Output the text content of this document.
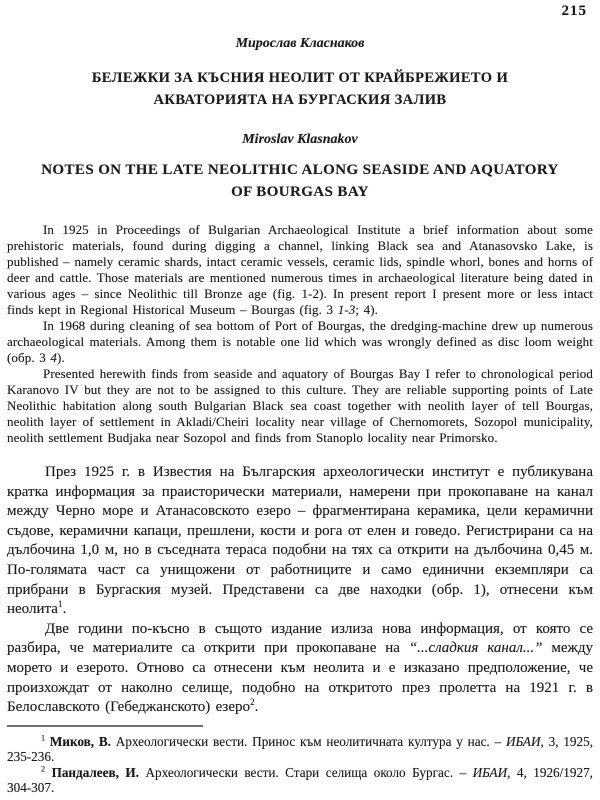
215
Мирослав Класнаков
БЕЛЕЖКИ ЗА КЪСНИЯ НЕОЛИТ ОТ КРАЙБРЕЖИЕТО И
АКВАТОРИЯТА НА БУРГАСКИЯ ЗАЛИВ
Miroslav Klasnakov
NOTES ON THE LATE NEOLITHIC ALONG SEASIDE AND AQUATORY
OF BOURGAS BAY

In 1925 in Proceedings of Bulgarian Archaeological Institute a brief information about some prehistoric materials, found during digging a channel, linking Black sea and Atanasovsko Lake, is published – namely ceramic shards, intact ceramic vessels, ceramic lids, spindle whorl, bones and horns of deer and cattle. Those materials are mentioned numerous times in archaeological literature being dated in various ages – since Neolithic till Bronze age (fig. 1-2). In present report I present more or less intact finds kept in Regional Historical Museum – Bourgas (fig. 3 1-3; 4).

In 1968 during cleaning of sea bottom of Port of Bourgas, the dredging-machine drew up numerous archaeological materials. Among them is notable one lid which was wrongly defined as disc loom weight (обр. 3 4).

Presented herewith finds from seaside and aquatory of Bourgas Bay I refer to chronological period Karanovo IV but they are not to be assigned to this culture. They are reliable supporting points of Late Neolithic habitation along south Bulgarian Black sea coast together with neolith layer of tell Bourgas, neolith layer of settlement in Akladi/Cheiri locality near village of Chernomorets, Sozopol municipality, neolith settlement Budjaka near Sozopol and finds from Stanoplo locality near Primorsko.

През 1925 г. в Известия на Българския археологически институт е публикувана кратка информация за праисторически материали, намерени при прокопаване на канал между Черно море и Атанасовското езеро – фрагментирана керамика, цели керамични съдове, керамични капаци, прешлени, кости и рога от елен и говедо. Регистрирани са на дълбочина 1,0 м, но в съседната тераса подобни на тях са открити на дълбочина 0,45 м. По-голямата част са унищожени от работниците и само единични екземпляри са прибрани в Бургаския музей. Представени са две находки (обр. 1), отнесени към неолита$^1$.

Две години по-късно в същото издание излиза нова информация, от която се разбира, че материалите са открити при прокопаване на “...сладкия канал...” между морето и езерото. Отново са отнесени към неолита и е изказано предположение, че произхождат от наколно селище, подобно на откритото през пролетта на 1921 г. в Белославското (Гебеджанското) езеро$^2$.

$^1$ Миков, В. Археологически вести. Принос към неолитичната култура у нас. – ИБАИ, 3, 1925, 235-236.

$^2$ Пандалеев, И. Археологически вести. Стари селища около Бургас. – ИБАИ, 4, 1926/1927, 304-307.
